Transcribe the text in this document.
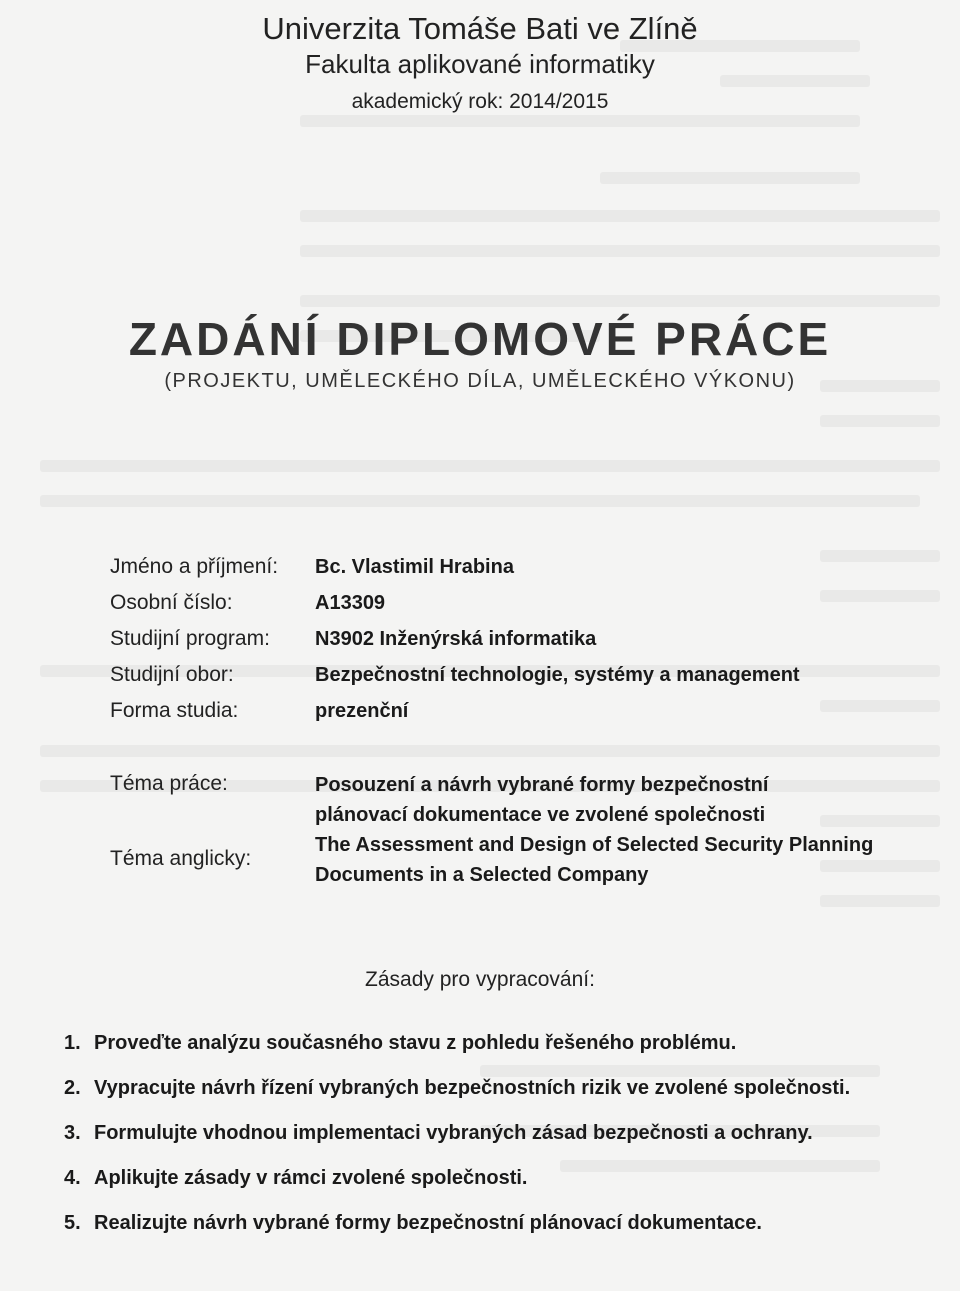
Univerzita Tomáše Bati ve Zlíně
Fakulta aplikované informatiky
akademický rok: 2014/2015
ZADÁNÍ DIPLOMOVÉ PRÁCE
(PROJEKTU, UMĚLECKÉHO DÍLA, UMĚLECKÉHO VÝKONU)
Jméno a příjmení: Bc. Vlastimil Hrabina
Osobní číslo:	A13309
Studijní program: N3902 Inženýrská informatika
Studijní obor:	Bezpečnostní technologie, systémy a management
Forma studia:	prezenční
Téma práce:	Posouzení a návrh vybrané formy bezpečnostní
plánovací dokumentace ve zvolené společnosti
Téma anglicky:
The Assessment and Design of Selected Security Planning
Documents in a Selected Company
Zásady pro vypracování:
1. Proveďte analýzu současného stavu z pohledu řešeného problému.
2. Vypracujte návrh řízení vybraných bezpečnostních rizik ve zvolené společnosti.
3. Formulujte vhodnou implementaci vybraných zásad bezpečnosti a ochrany.
4. Aplikujte zásady v rámci zvolené společnosti.
5. Realizujte návrh vybrané formy bezpečnostní plánovací dokumentace.
